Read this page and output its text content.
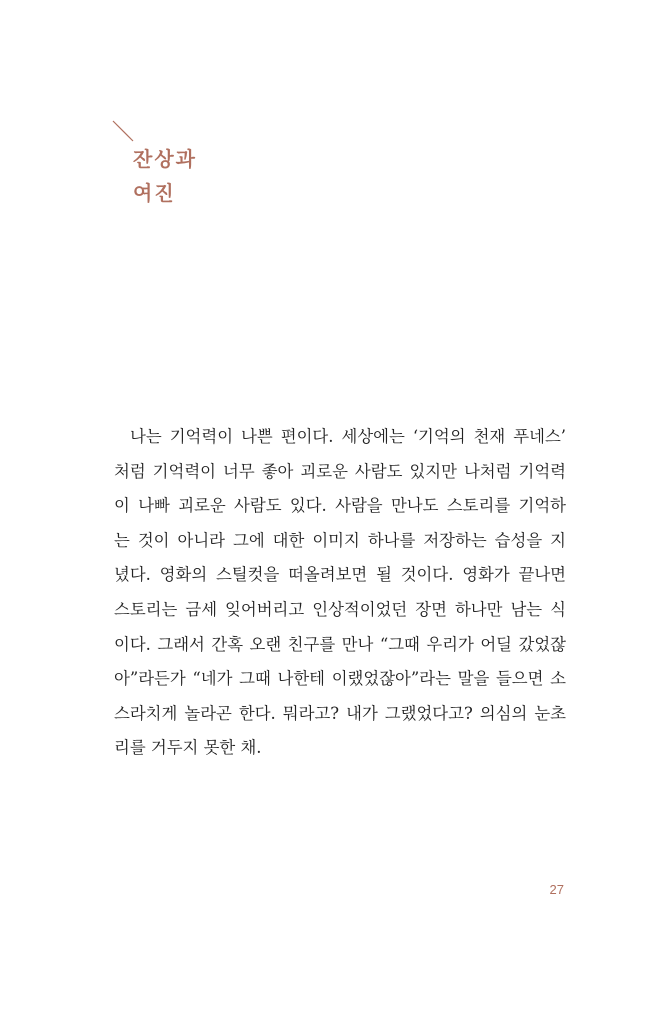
잔상과
여진
나는 기억력이 나쁜 편이다. 세상에는 ‘기억의 천재 푸네스’
처럼 기억력이 너무 좋아 괴로운 사람도 있지만 나처럼 기억력
이 나빠 괴로운 사람도 있다. 사람을 만나도 스토리를 기억하
는 것이 아니라 그에 대한 이미지 하나를 저장하는 습성을 지
녔다. 영화의 스틸컷을 떠올려보면 될 것이다. 영화가 끝나면
스토리는 금세 잊어버리고 인상적이었던 장면 하나만 남는 식
이다. 그래서 간혹 오랜 친구를 만나 “그때 우리가 어딜 갔었잖
아”라든가 “네가 그때 나한테 이랬었잖아”라는 말을 들으면 소
스라치게 놀라곤 한다. 뭐라고? 내가 그랬었다고? 의심의 눈초
리를 거두지 못한 채.
27
